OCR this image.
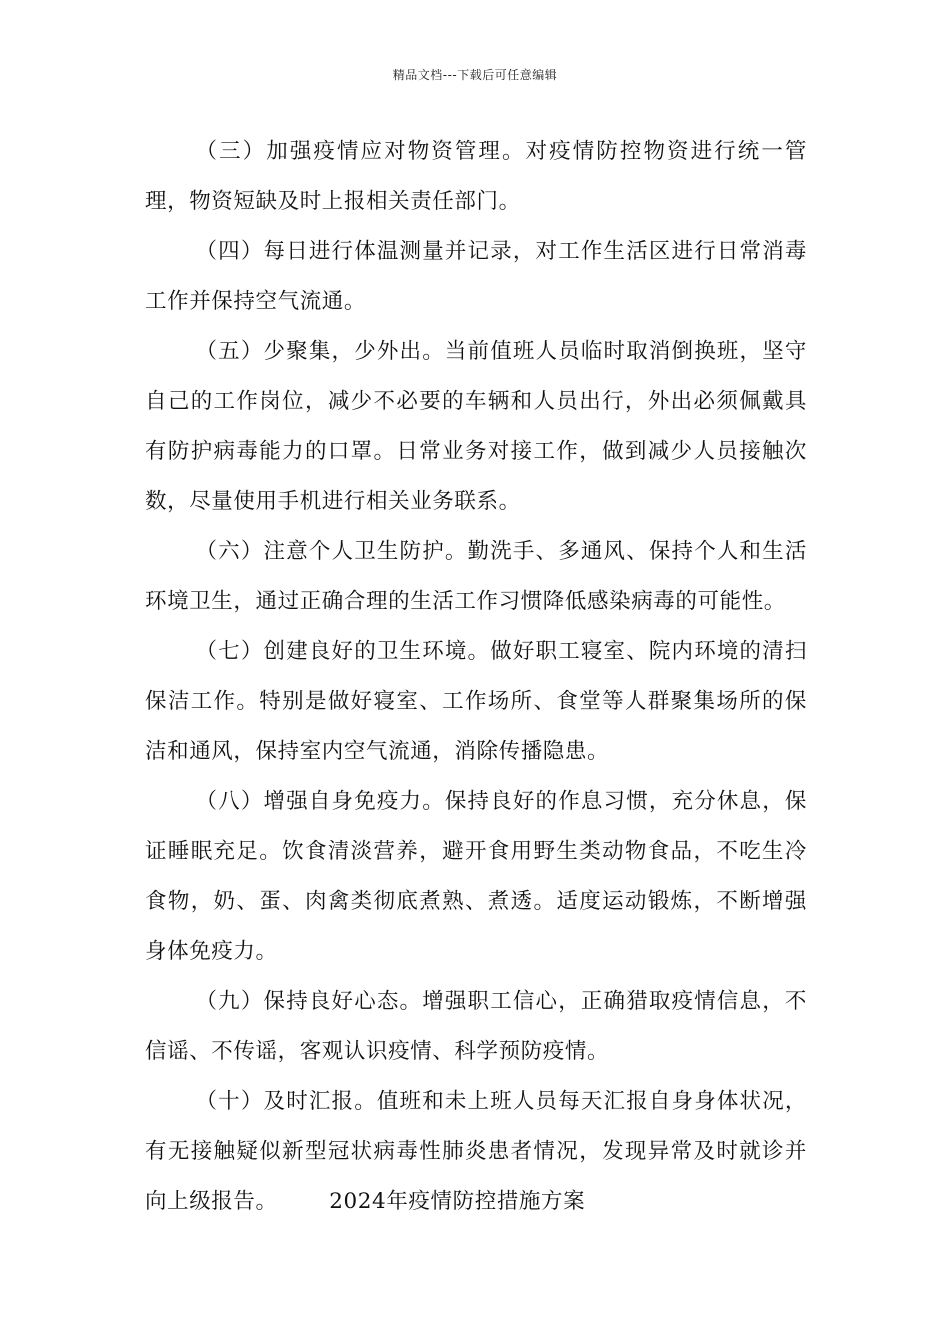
精品文档---下载后可任意编辑

（三）加强疫情应对物资管理。对疫情防控物资进行统一管理，物资短缺及时上报相关责任部门。

（四）每日进行体温测量并记录，对工作生活区进行日常消毒工作并保持空气流通。

（五）少聚集，少外出。当前值班人员临时取消倒换班，坚守自己的工作岗位，减少不必要的车辆和人员出行，外出必须佩戴具有防护病毒能力的口罩。日常业务对接工作，做到减少人员接触次数，尽量使用手机进行相关业务联系。

（六）注意个人卫生防护。勤洗手、多通风、保持个人和生活环境卫生，通过正确合理的生活工作习惯降低感染病毒的可能性。

（七）创建良好的卫生环境。做好职工寝室、院内环境的清扫保洁工作。特别是做好寝室、工作场所、食堂等人群聚集场所的保洁和通风，保持室内空气流通，消除传播隐患。

（八）增强自身免疫力。保持良好的作息习惯，充分休息，保证睡眠充足。饮食清淡营养，避开食用野生类动物食品，不吃生冷食物，奶、蛋、肉禽类彻底煮熟、煮透。适度运动锻炼，不断增强身体免疫力。

（九）保持良好心态。增强职工信心，正确猎取疫情信息，不信谣、不传谣，客观认识疫情、科学预防疫情。

（十）及时汇报。值班和未上班人员每天汇报自身身体状况，有无接触疑似新型冠状病毒性肺炎患者情况，发现异常及时就诊并向上级报告。 2024年疫情防控措施方案
